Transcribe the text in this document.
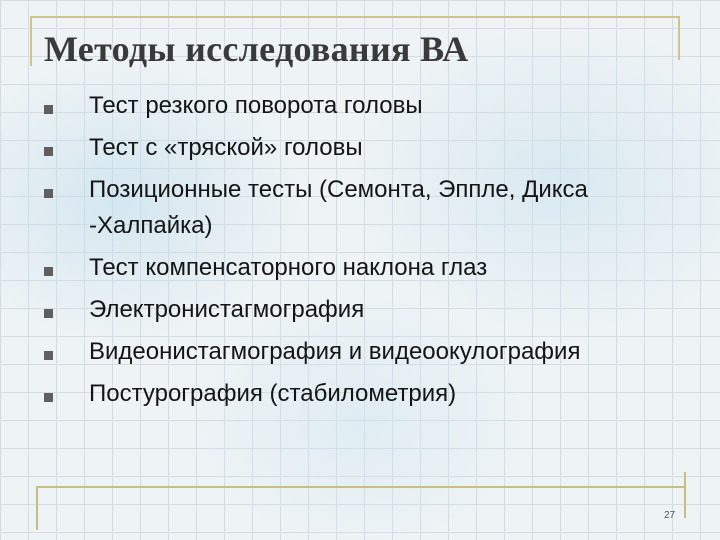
Методы исследования ВА
Тест резкого поворота головы
Тест с «тряской» головы
Позиционные тесты (Семонта, Эппле, Дикса -Халпайка)
Тест компенсаторного наклона глаз
Электронистагмография
Видеонистагмография и видеоокулография
Постурография (стабилометрия)
27
